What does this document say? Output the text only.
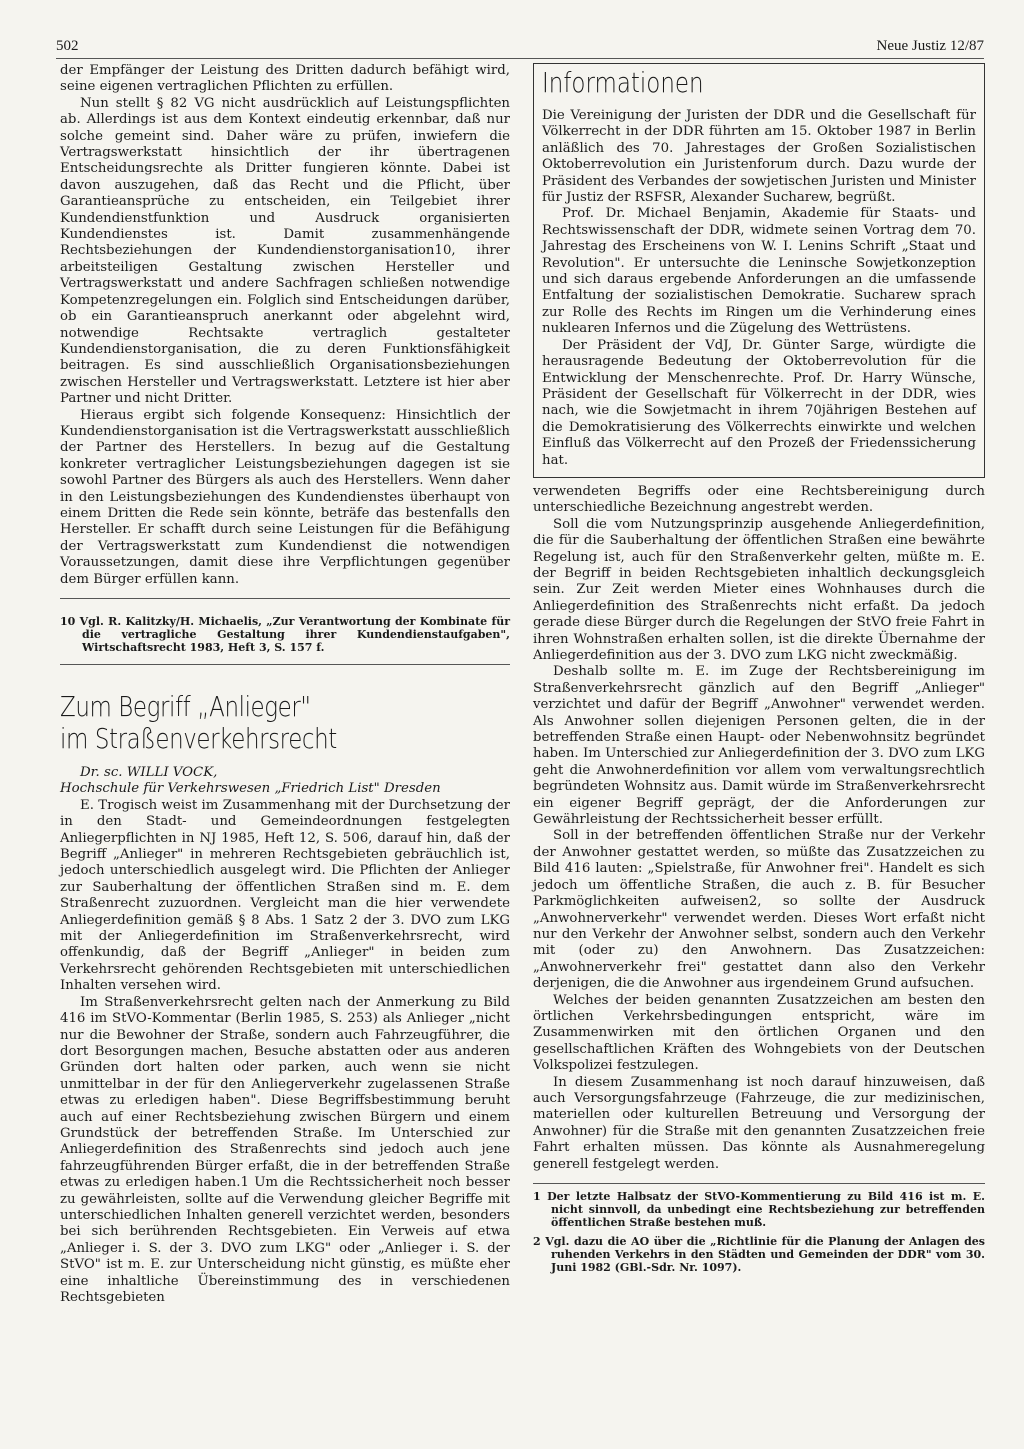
502	Neue Justiz 12/87

der Empfänger der Leistung des Dritten dadurch befähigt wird, seine eigenen vertraglichen Pflichten zu erfüllen.

Nun stellt § 82 VG nicht ausdrücklich auf Leistungspflichten ab. Allerdings ist aus dem Kontext eindeutig erkennbar, daß nur solche gemeint sind. Daher wäre zu prüfen, inwiefern die Vertragswerkstatt hinsichtlich der ihr übertragenen Entscheidungsrechte als Dritter fungieren könnte. Dabei ist davon auszugehen, daß das Recht und die Pflicht, über Garantieansprüche zu entscheiden, ein Teilgebiet ihrer Kundendienstfunktion und Ausdruck organisierten Kundendienstes ist. Damit zusammenhängende Rechtsbeziehungen der Kundendienstorganisation10, ihrer arbeitsteiligen Gestaltung zwischen Hersteller und Vertragswerkstatt und andere Sachfragen schließen notwendige Kompetenzregelungen ein. Folglich sind Entscheidungen darüber, ob ein Garantieanspruch anerkannt oder abgelehnt wird, notwendige Rechtsakte vertraglich gestalteter Kundendienstorganisation, die zu deren Funktionsfähigkeit beitragen. Es sind ausschließlich Organisationsbeziehungen zwischen Hersteller und Vertragswerkstatt. Letztere ist hier aber Partner und nicht Dritter.

Hieraus ergibt sich folgende Konsequenz: Hinsichtlich der Kundendienstorganisation ist die Vertragswerkstatt ausschließlich der Partner des Herstellers. In bezug auf die Gestaltung konkreter vertraglicher Leistungsbeziehungen dagegen ist sie sowohl Partner des Bürgers als auch des Herstellers. Wenn daher in den Leistungsbeziehungen des Kundendienstes überhaupt von einem Dritten die Rede sein könnte, beträfe das bestenfalls den Hersteller. Er schafft durch seine Leistungen für die Befähigung der Vertragswerkstatt zum Kundendienst die notwendigen Voraussetzungen, damit diese ihre Verpflichtungen gegenüber dem Bürger erfüllen kann.

10 Vgl. R. Kalitzky/H. Michaelis, „Zur Verantwortung der Kombinate für die vertragliche Gestaltung ihrer Kundendienstaufgaben", Wirtschaftsrecht 1983, Heft 3, S. 157 f.
Zum Begriff „Anlieger"
im Straßenverkehrsrecht

Dr. sc. WILLI VOCK,
Hochschule für Verkehrswesen „Friedrich List" Dresden

E. Trogisch weist im Zusammenhang mit der Durchsetzung der in den Stadt- und Gemeindeordnungen festgelegten Anliegerpflichten in NJ 1985, Heft 12, S. 506, darauf hin, daß der Begriff „Anlieger" in mehreren Rechtsgebieten gebräuchlich ist, jedoch unterschiedlich ausgelegt wird. Die Pflichten der Anlieger zur Sauberhaltung der öffentlichen Straßen sind m. E. dem Straßenrecht zuzuordnen. Vergleicht man die hier verwendete Anliegerdefinition gemäß § 8 Abs. 1 Satz 2 der 3. DVO zum LKG mit der Anliegerdefinition im Straßenverkehrsrecht, wird offenkundig, daß der Begriff „Anlieger" in beiden zum Verkehrsrecht gehörenden Rechtsgebieten mit unterschiedlichen Inhalten versehen wird.

Im Straßenverkehrsrecht gelten nach der Anmerkung zu Bild 416 im StVO-Kommentar (Berlin 1985, S. 253) als Anlieger „nicht nur die Bewohner der Straße, sondern auch Fahrzeugführer, die dort Besorgungen machen, Besuche abstatten oder aus anderen Gründen dort halten oder parken, auch wenn sie nicht unmittelbar in der für den Anliegerverkehr zugelassenen Straße etwas zu erledigen haben". Diese Begriffsbestimmung beruht auch auf einer Rechtsbeziehung zwischen Bürgern und einem Grundstück der betreffenden Straße. Im Unterschied zur Anliegerdefinition des Straßenrechts sind jedoch auch jene fahrzeugführenden Bürger erfaßt, die in der betreffenden Straße etwas zu erledigen haben.1 Um die Rechtssicherheit noch besser zu gewährleisten, sollte auf die Verwendung gleicher Begriffe mit unterschiedlichen Inhalten generell verzichtet werden, besonders bei sich berührenden Rechtsgebieten. Ein Verweis auf etwa „Anlieger i. S. der 3. DVO zum LKG" oder „Anlieger i. S. der StVO" ist m. E. zur Unterscheidung nicht günstig, es müßte eher eine inhaltliche Übereinstimmung des in verschiedenen Rechtsgebieten

Informationen

Die Vereinigung der Juristen der DDR und die Gesellschaft für Völkerrecht in der DDR führten am 15. Oktober 1987 in Berlin anläßlich des 70. Jahrestages der Großen Sozialistischen Oktoberrevolution ein Juristenforum durch. Dazu wurde der Präsident des Verbandes der sowjetischen Juristen und Minister für Justiz der RSFSR, Alexander Sucharew, begrüßt.

Prof. Dr. Michael Benjamin, Akademie für Staats- und Rechtswissenschaft der DDR, widmete seinen Vortrag dem 70. Jahrestag des Erscheinens von W. I. Lenins Schrift „Staat und Revolution". Er untersuchte die Leninsche Sowjetkonzeption und sich daraus ergebende Anforderungen an die umfassende Entfaltung der sozialistischen Demokratie. Sucharew sprach zur Rolle des Rechts im Ringen um die Verhinderung eines nuklearen Infernos und die Zügelung des Wettrüstens.

Der Präsident der VdJ, Dr. Günter Sarge, würdigte die herausragende Bedeutung der Oktoberrevolution für die Entwicklung der Menschenrechte. Prof. Dr. Harry Wünsche, Präsident der Gesellschaft für Völkerrecht in der DDR, wies nach, wie die Sowjetmacht in ihrem 70jährigen Bestehen auf die Demokratisierung des Völkerrechts einwirkte und welchen Einfluß das Völkerrecht auf den Prozeß der Friedenssicherung hat.

verwendeten Begriffs oder eine Rechtsbereinigung durch unterschiedliche Bezeichnung angestrebt werden.

Soll die vom Nutzungsprinzip ausgehende Anliegerdefinition, die für die Sauberhaltung der öffentlichen Straßen eine bewährte Regelung ist, auch für den Straßenverkehr gelten, müßte m. E. der Begriff in beiden Rechtsgebieten inhaltlich deckungsgleich sein. Zur Zeit werden Mieter eines Wohnhauses durch die Anliegerdefinition des Straßenrechts nicht erfaßt. Da jedoch gerade diese Bürger durch die Regelungen der StVO freie Fahrt in ihren Wohnstraßen erhalten sollen, ist die direkte Übernahme der Anliegerdefinition aus der 3. DVO zum LKG nicht zweckmäßig.

Deshalb sollte m. E. im Zuge der Rechtsbereinigung im Straßenverkehrsrecht gänzlich auf den Begriff „Anlieger" verzichtet und dafür der Begriff „Anwohner" verwendet werden. Als Anwohner sollen diejenigen Personen gelten, die in der betreffenden Straße einen Haupt- oder Nebenwohnsitz begründet haben. Im Unterschied zur Anliegerdefinition der 3. DVO zum LKG geht die Anwohnerdefinition vor allem vom verwaltungsrechtlich begründeten Wohnsitz aus. Damit würde im Straßenverkehrsrecht ein eigener Begriff geprägt, der die Anforderungen zur Gewährleistung der Rechtssicherheit besser erfüllt.

Soll in der betreffenden öffentlichen Straße nur der Verkehr der Anwohner gestattet werden, so müßte das Zusatzzeichen zu Bild 416 lauten: „Spielstraße, für Anwohner frei". Handelt es sich jedoch um öffentliche Straßen, die auch z. B. für Besucher Parkmöglichkeiten aufweisen2, so sollte der Ausdruck „Anwohnerverkehr" verwendet werden. Dieses Wort erfaßt nicht nur den Verkehr der Anwohner selbst, sondern auch den Verkehr mit (oder zu) den Anwohnern. Das Zusatzzeichen: „Anwohnerverkehr frei" gestattet dann also den Verkehr derjenigen, die die Anwohner aus irgendeinem Grund aufsuchen.

Welches der beiden genannten Zusatzzeichen am besten den örtlichen Verkehrsbedingungen entspricht, wäre im Zusammenwirken mit den örtlichen Organen und den gesellschaftlichen Kräften des Wohngebiets von der Deutschen Volkspolizei festzulegen.

In diesem Zusammenhang ist noch darauf hinzuweisen, daß auch Versorgungsfahrzeuge (Fahrzeuge, die zur medizinischen, materiellen oder kulturellen Betreuung und Versorgung der Anwohner) für die Straße mit den genannten Zusatzzeichen freie Fahrt erhalten müssen. Das könnte als Ausnahmeregelung generell festgelegt werden.

1 Der letzte Halbsatz der StVO-Kommentierung zu Bild 416 ist m. E. nicht sinnvoll, da unbedingt eine Rechtsbeziehung zur betreffenden öffentlichen Straße bestehen muß.
2 Vgl. dazu die AO über die „Richtlinie für die Planung der Anlagen des ruhenden Verkehrs in den Städten und Gemeinden der DDR" vom 30. Juni 1982 (GBl.-Sdr. Nr. 1097).
